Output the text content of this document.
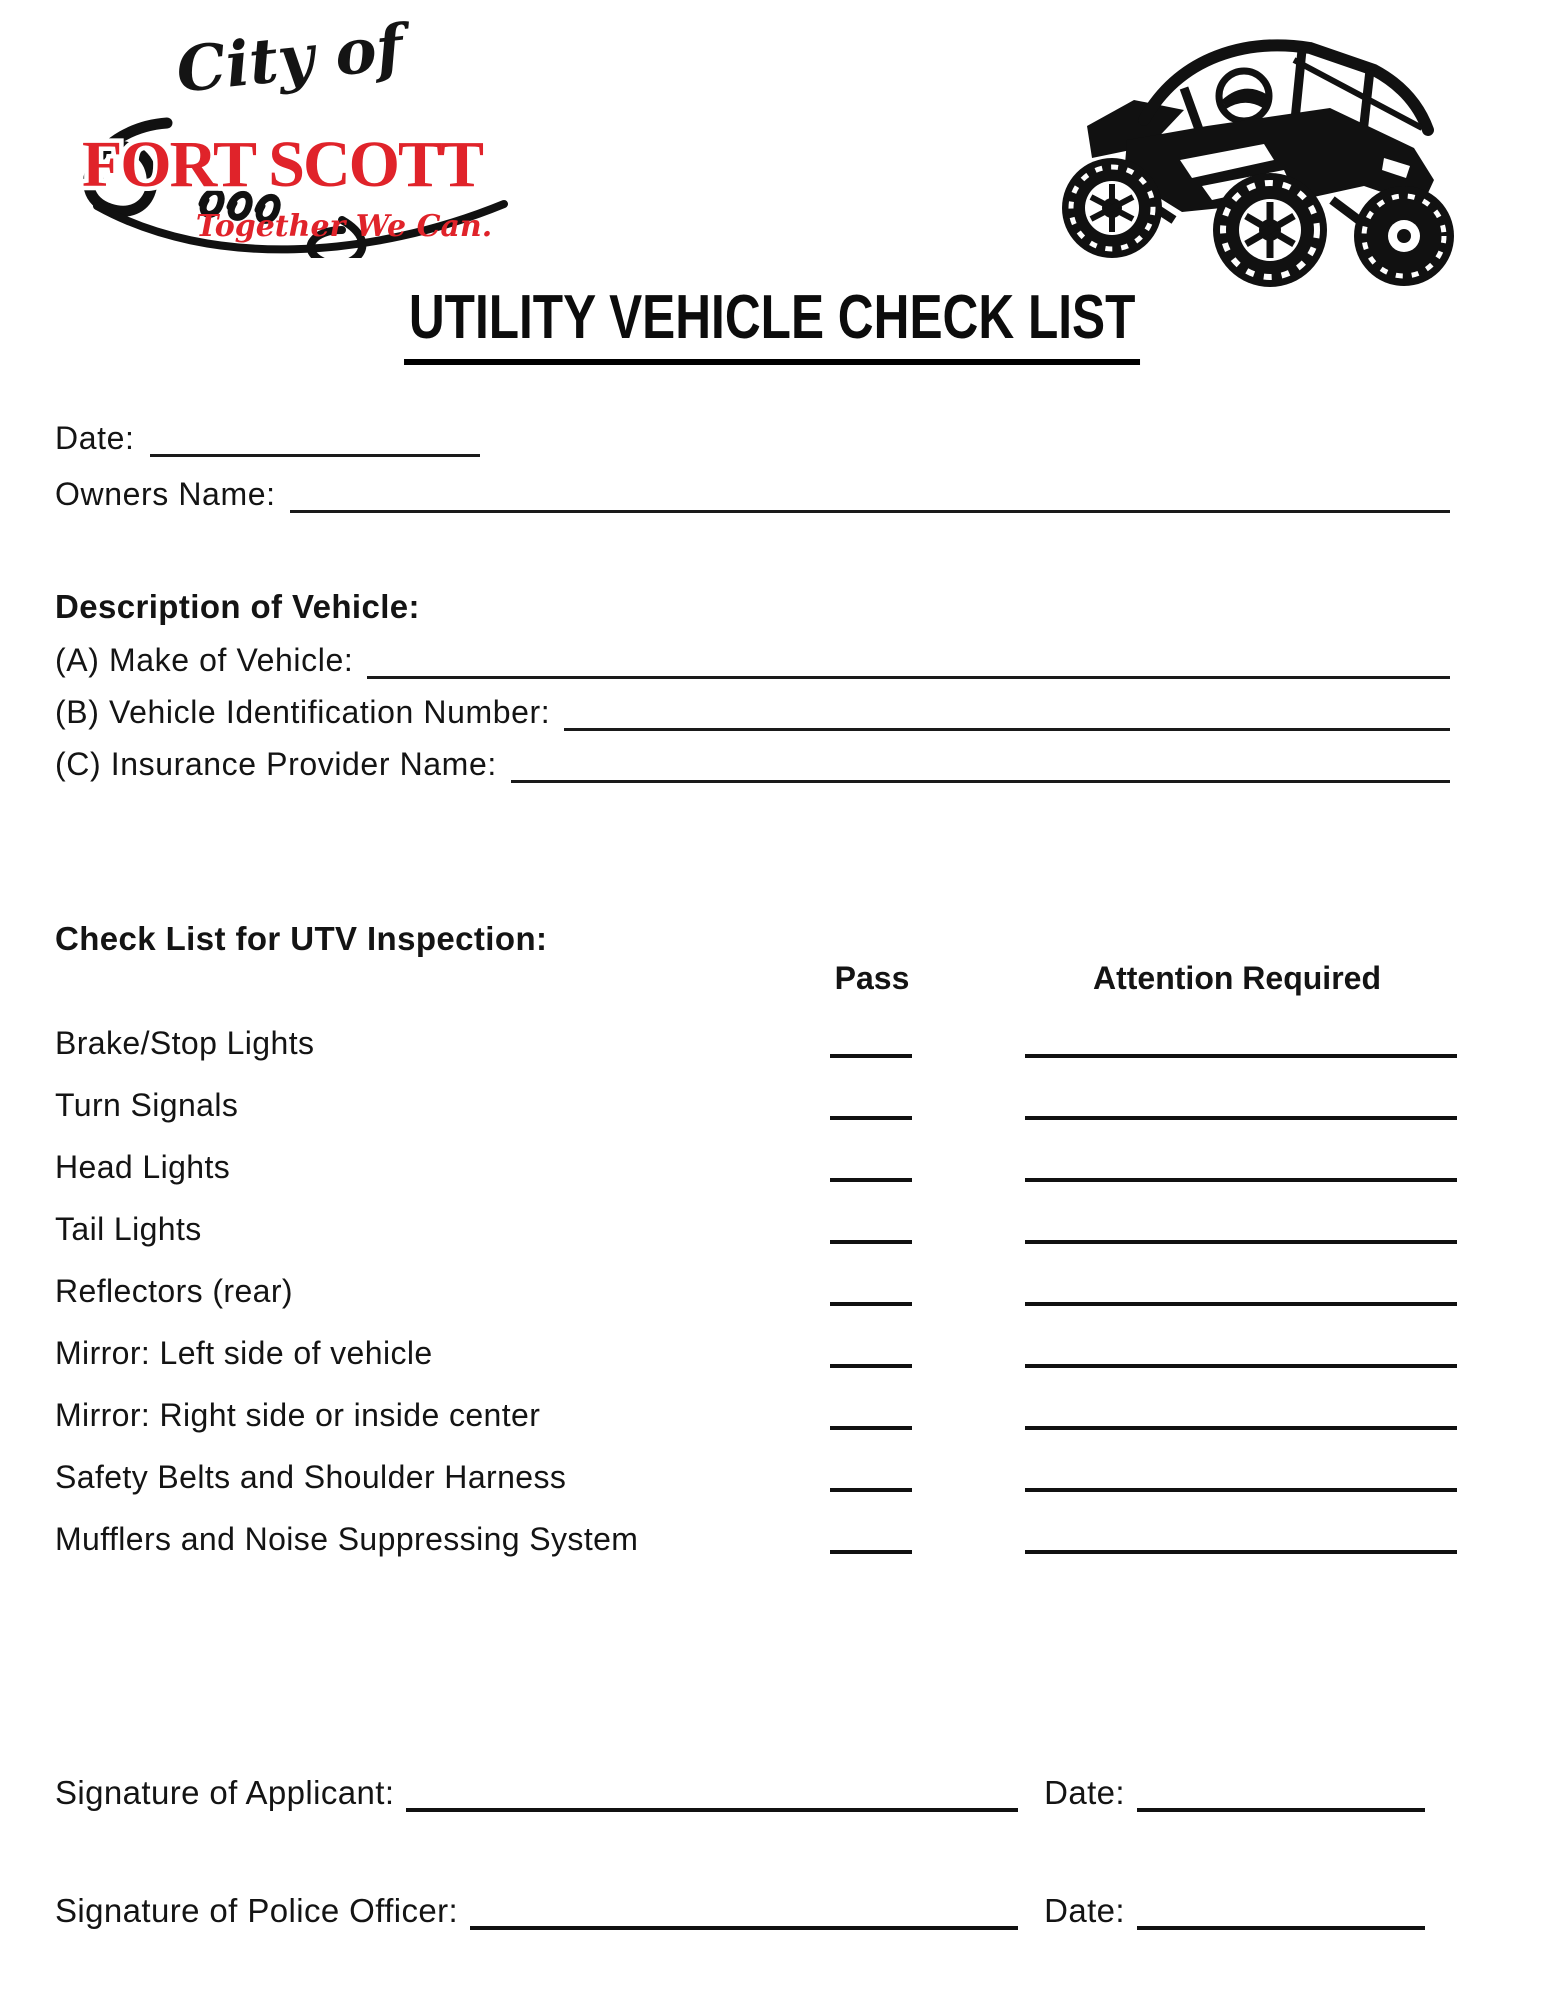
City of
FORT SCOTT
Together We Can.
UTILITY VEHICLE CHECK LIST
Date:
Owners Name:
Description of Vehicle:
(A) Make of Vehicle:
(B) Vehicle Identification Number:
(C) Insurance Provider Name:
Check List for UTV Inspection:
Pass	Attention Required
Brake/Stop Lights
Turn Signals
Head Lights
Tail Lights
Reflectors (rear)
Mirror: Left side of vehicle
Mirror: Right side or inside center
Safety Belts and Shoulder Harness
Mufflers and Noise Suppressing System
Signature of Applicant:	Date:
Signature of Police Officer:	Date:
